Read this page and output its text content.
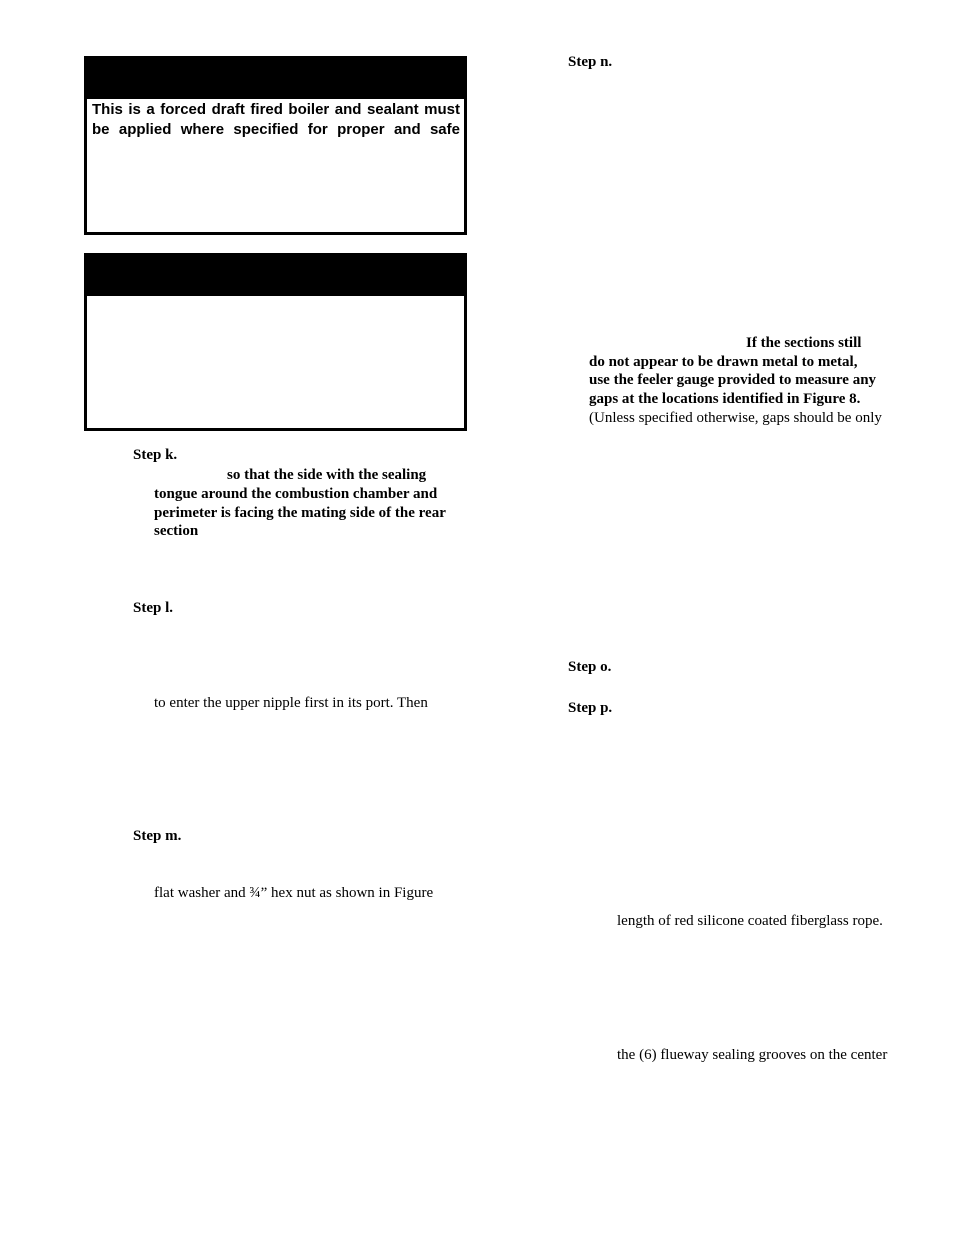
This is a forced draft fired boiler and sealant must
be applied where specified for proper and safe
Step k.
so that the side with the sealing
tongue around the combustion chamber and
perimeter is facing the mating side of the rear
section
Step l.
to enter the upper nipple first in its port. Then
Step m.
flat washer and ¾” hex nut as shown in Figure
Step n.
If the sections still
do not appear to be drawn metal to metal,
use the feeler gauge provided to measure any
gaps at the locations identified in Figure 8.
(Unless specified otherwise, gaps should be only
Step o.
Step p.
length of red silicone coated fiberglass rope.
the (6) flueway sealing grooves on the center
